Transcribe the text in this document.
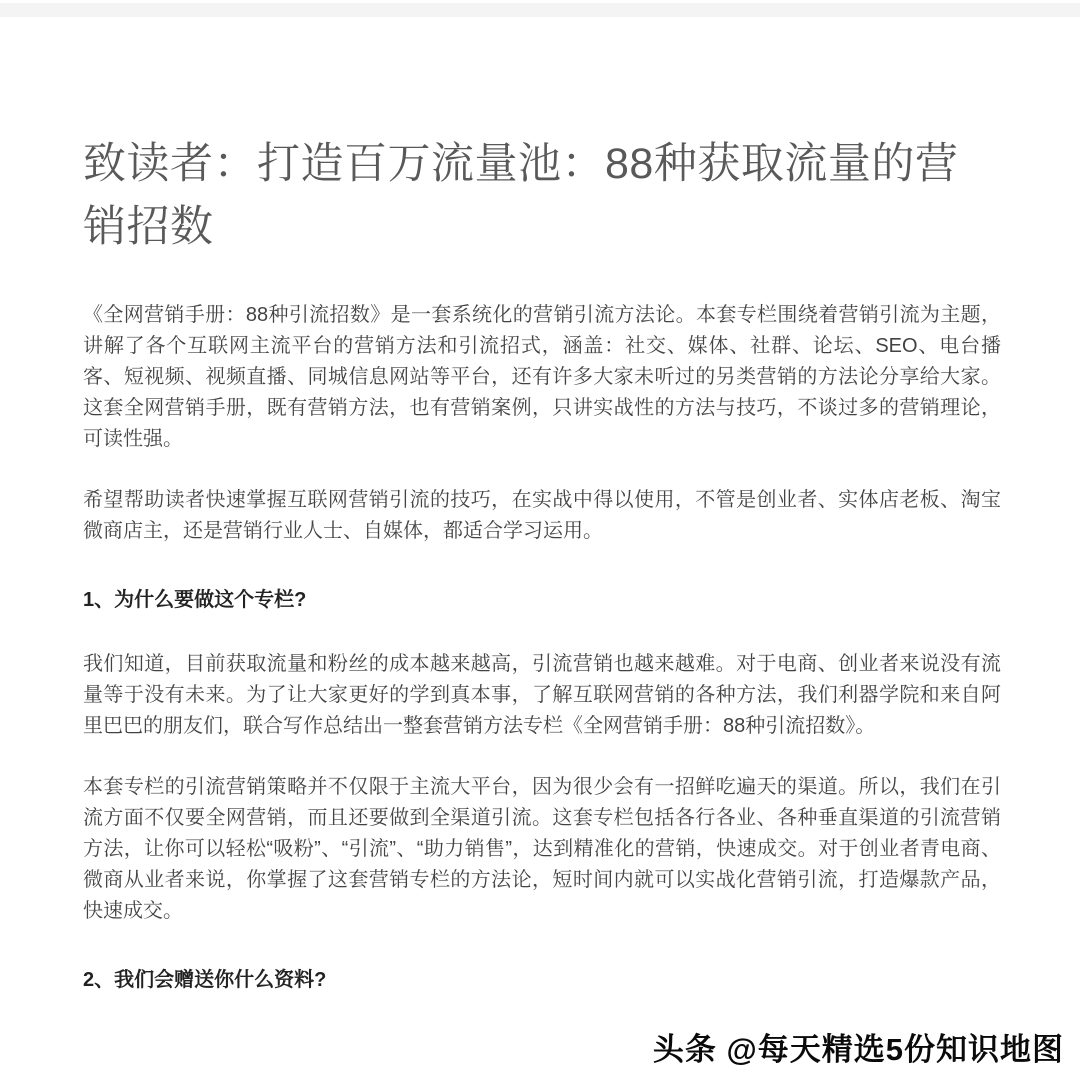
致读者：打造百万流量池：88种获取流量的营销招数

《全网营销手册：88种引流招数》是一套系统化的营销引流方法论。本套专栏围绕着营销引流为主题，讲解了各个互联网主流平台的营销方法和引流招式，涵盖：社交、媒体、社群、论坛、SEO、电台播客、短视频、视频直播、同城信息网站等平台，还有许多大家未听过的另类营销的方法论分享给大家。这套全网营销手册，既有营销方法，也有营销案例，只讲实战性的方法与技巧，不谈过多的营销理论，可读性强。

希望帮助读者快速掌握互联网营销引流的技巧，在实战中得以使用，不管是创业者、实体店老板、淘宝微商店主，还是营销行业人士、自媒体，都适合学习运用。

1、为什么要做这个专栏?

我们知道，目前获取流量和粉丝的成本越来越高，引流营销也越来越难。对于电商、创业者来说没有流量等于没有未来。为了让大家更好的学到真本事，了解互联网营销的各种方法，我们利器学院和来自阿里巴巴的朋友们，联合写作总结出一整套营销方法专栏《全网营销手册：88种引流招数》。

本套专栏的引流营销策略并不仅限于主流大平台，因为很少会有一招鲜吃遍天的渠道。所以，我们在引流方面不仅要全网营销，而且还要做到全渠道引流。这套专栏包括各行各业、各种垂直渠道的引流营销方法，让你可以轻松“吸粉”、“引流”、“助力销售”，达到精准化的营销，快速成交。对于创业者青电商、微商从业者来说，你掌握了这套营销专栏的方法论，短时间内就可以实战化营销引流，打造爆款产品，快速成交。

2、我们会赠送你什么资料?
头条 @每天精选5份知识地图
